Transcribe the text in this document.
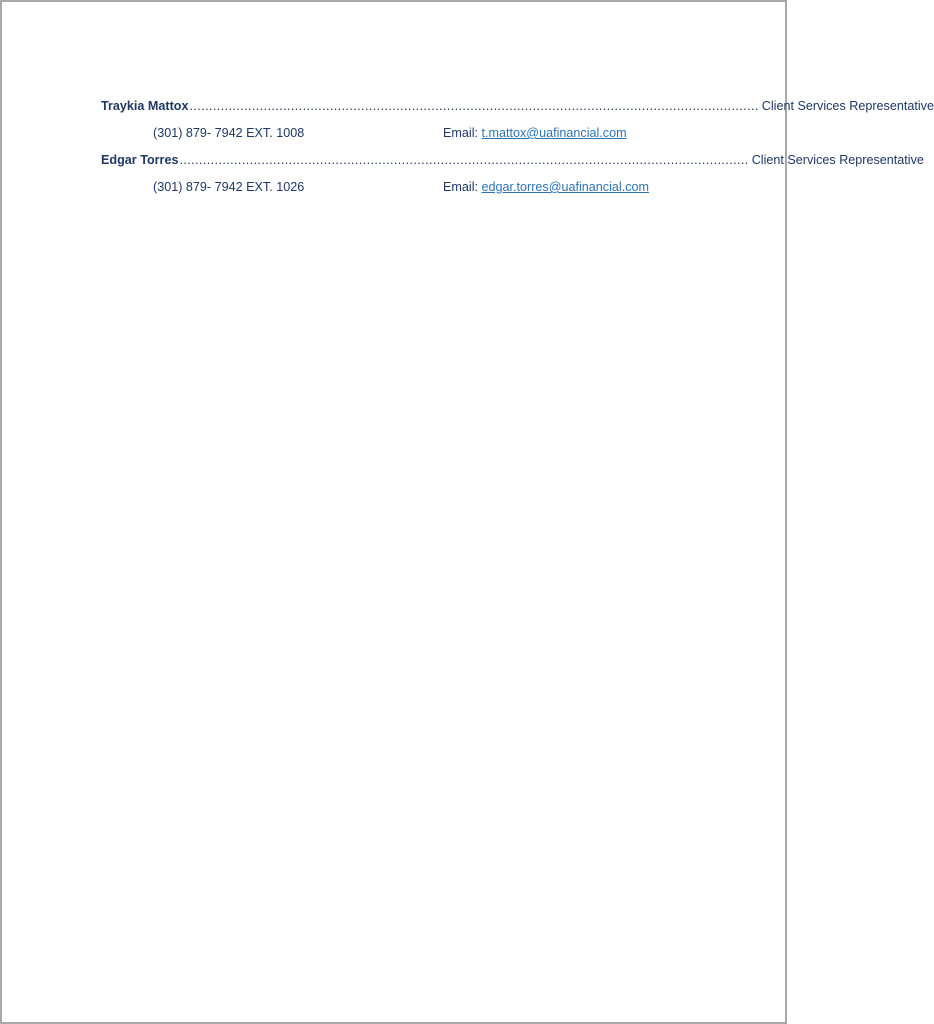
Traykia Mattox .................................................................................................................................................. Client Services Representative
(301) 879- 7942 EXT. 1008	Email: t.mattox@uafinancial.com
Edgar Torres .................................................................................................................................................. Client Services Representative
(301) 879- 7942 EXT. 1026	Email: edgar.torres@uafinancial.com
